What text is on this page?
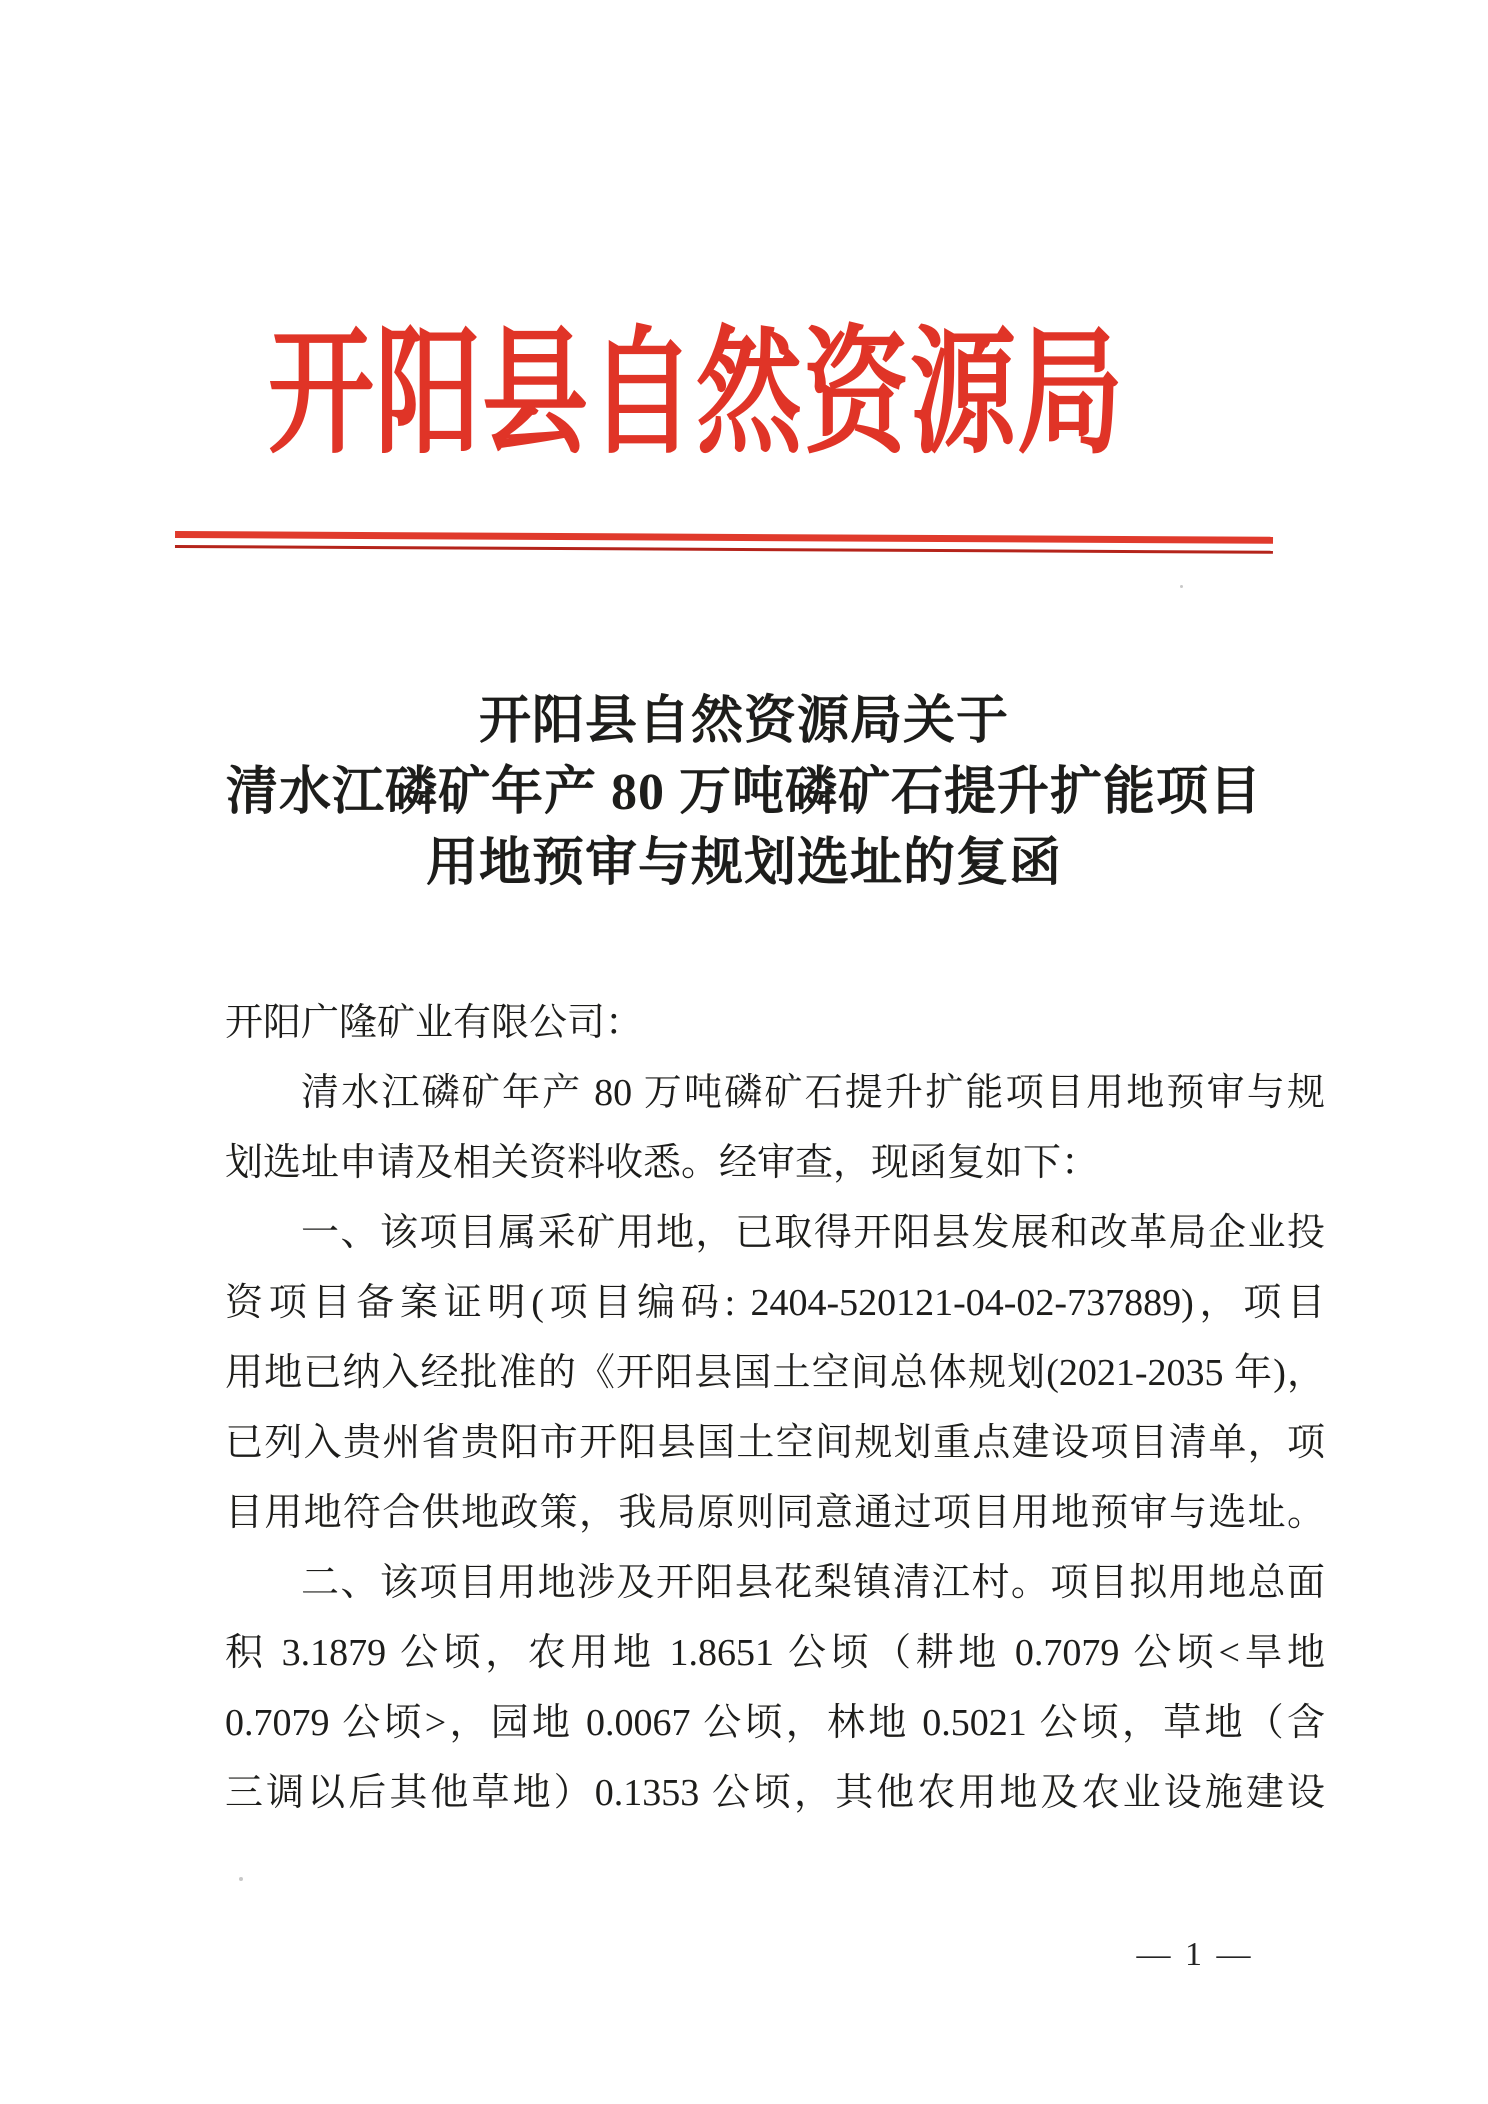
开阳县自然资源局
开阳县自然资源局关于
清水江磷矿年产 80 万吨磷矿石提升扩能项目
用地预审与规划选址的复函
开阳广隆矿业有限公司：
清水江磷矿年产 80 万吨磷矿石提升扩能项目用地预审与规
划选址申请及相关资料收悉。经审查，现函复如下：
一、该项目属采矿用地，已取得开阳县发展和改革局企业投
资项目备案证明(项目编码: 2404-520121-04-02-737889)，项目
用地已纳入经批准的《开阳县国土空间总体规划(2021-2035 年)，
已列入贵州省贵阳市开阳县国土空间规划重点建设项目清单，项
目用地符合供地政策，我局原则同意通过项目用地预审与选址。
二、该项目用地涉及开阳县花梨镇清江村。项目拟用地总面
积 3.1879 公顷，农用地 1.8651 公顷（耕地 0.7079 公顷<旱地
0.7079 公顷>，园地 0.0067 公顷，林地 0.5021 公顷，草地（含
三调以后其他草地）0.1353 公顷，其他农用地及农业设施建设
— 1 —
